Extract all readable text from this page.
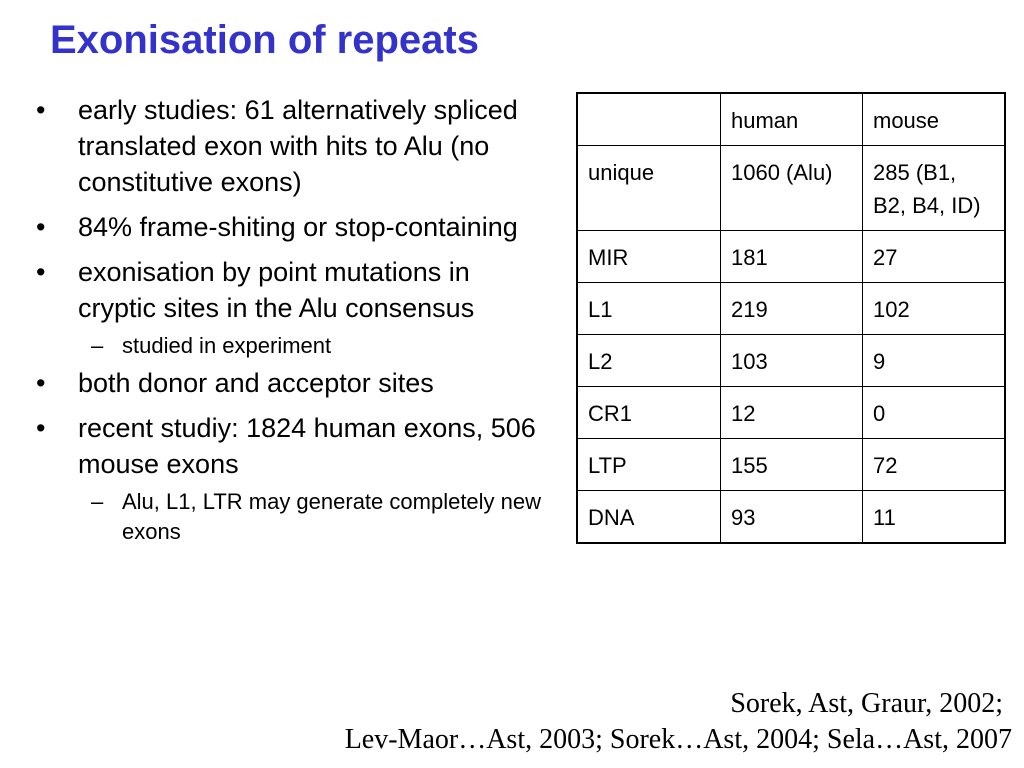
Exonisation of repeats
• early studies: 61 alternatively spliced translated exon with hits to Alu (no constitutive exons)
• 84% frame-shiting or stop-containing
• exonisation by point mutations in cryptic sites in the Alu consensus
– studied in experiment
• both donor and acceptor sites
• recent studiy: 1824 human exons, 506 mouse exons
– Alu, L1, LTR may generate completely new exons
	human	mouse
unique	1060 (Alu)	285 (B1, B2, B4, ID)
MIR	181	27
L1	219	102
L2	103	9
CR1	12	0
LTP	155	72
DNA	93	11
Sorek, Ast, Graur, 2002;
Lev-Maor…Ast, 2003; Sorek…Ast, 2004; Sela…Ast, 2007
